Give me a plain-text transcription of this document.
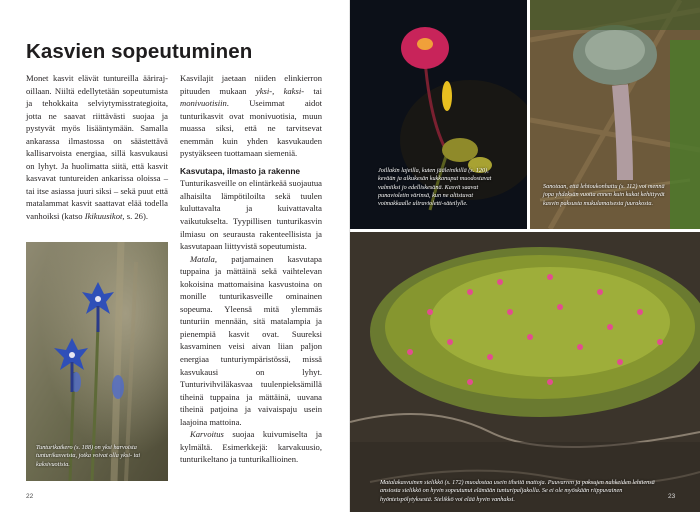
Kasvien sopeutuminen

Monet kasvit elävät tuntureilla äärirajoillaan. Niiltä edellytetään sopeutumista ja tehokkaita selviytymisstrategioita, jotta ne saavat riittävästi suojaa ja pystyvät myös lisääntymään. Samalla ankarassa ilmastossa on säästettävä kallisarvoista energiaa, sillä kasvukausi on lyhyt. Ja huolimatta siitä, että kasvit kasvavat tuntureiden ankarissa oloissa – tai itse asiassa juuri siksi – sekä puut että matalammat kasvit saattavat elää todella vanhoiksi (katso Ikikuusikot, s. 26).

Kasvilajit jaetaan niiden elinkierron pituuden mukaan yksi-, kaksi- tai monivuotisiin. Useimmat aidot tunturikasvit ovat monivuotisia, muun muassa siksi, että ne tarvitsevat enemmän kuin yhden kasvukauden pystyäkseen tuottamaan siemeniä.

Kasvutapa, ilmasto ja rakenne

Tunturikasveille on elintärkeää suojautua alhaisilta lämpötiloilta sekä tuulen kuluttavalta ja kuivattavalta vaikutukselta. Tyypillisen tunturikasvin ilmiasu on seurausta rakenteellisista ja kasvutapaan liittyvistä sopeutumista.

Matala, patjamainen kasvutapa tuppaina ja mättäinä sekä vaihtelevan kokoisina mattomaisina kasvustoina on monille tunturikasveille ominainen sopeuma. Yleensä mitä ylemmäs tunturiin mennään, sitä matalampia ja pienempiä kasvit ovat. Suureksi kasvaminen veisi aivan liian paljon energiaa tunturiympäristössä, missä kasvukausi on lyhyt. Tunturivihviläkasvaa tuulenpieksämillä tiheinä tuppaina ja mättäinä, uuvana tiheinä patjoina ja vaivaispaju usein laajoina mattoina.

Karvoitus suojaa kuivumiselta ja kylmältä. Esimerkkejä: karvakuusio, tunturikeltano ja tunturikallioinen.

Tunturikatkero (s. 188) on yksi harvoista tunturikasveista, jotka voivat olla yksi- tai kaksivuotisia.

Joillakin lajeilla, kuten jääleinikillä (s. 120), kevään ja alkukesän kukkanuput muodostavat valmiiksi jo edelliskesänä. Kasvit saavat punavioletin värinsä, kun ne altistuvat voimakkaalle ultravioletti-säteilylle.

Sanotaan, että lehtoukonhattu (s. 112) voi mennä jopa yhdeksän vuotta ennen kuin kukat kehittyvät kasvin paksusta mukulamaisesta juurakosta.

Matalakasvuinen sielikkö (s. 172) muodostaa usein tiheitä mattoja. Puuvarren ja paksujen nahkeiden lehtiensä ansiosta sielikkö on hyvin sopeutunut elämään tunturipaljakolla. Se ei ole myöskään riippuvainen hyönteispölytyksestä. Sielikkö voi elää hyvin vanhaksi.

22	23
